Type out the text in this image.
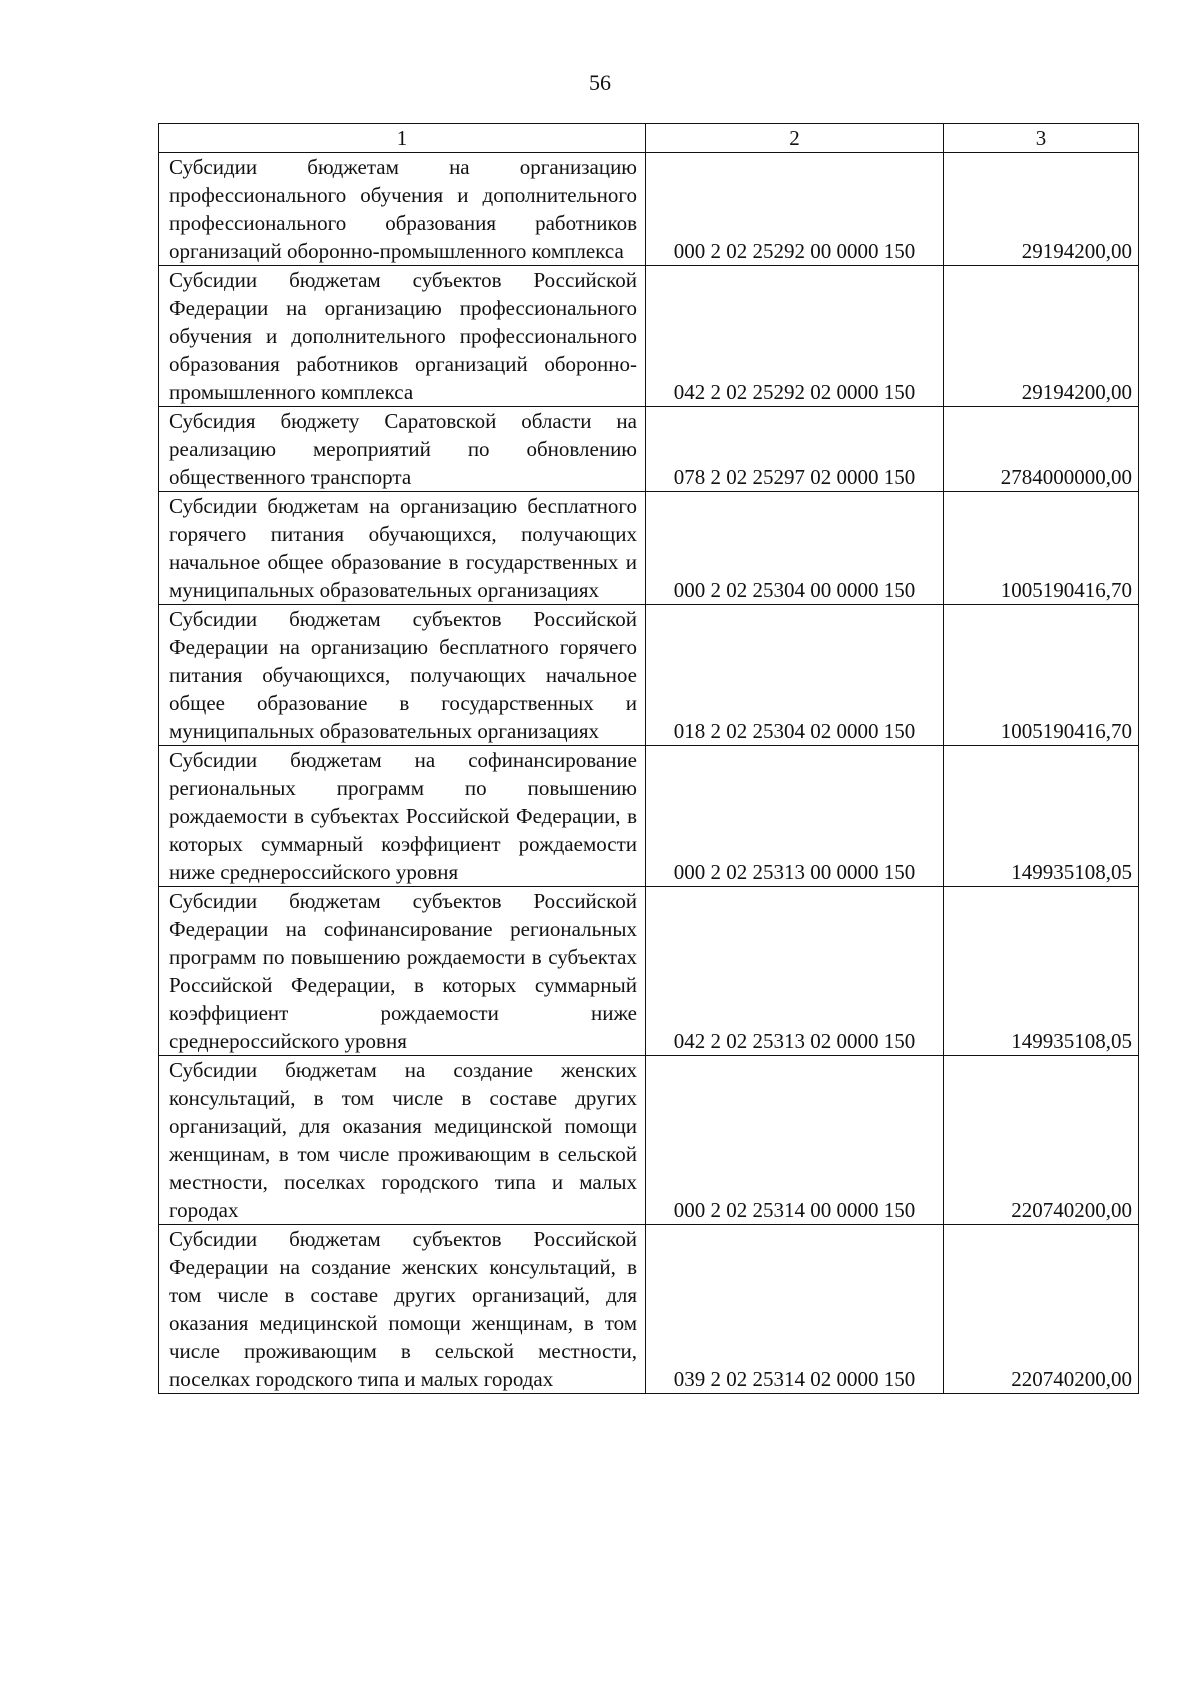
56
1	2	3
Субсидии бюджетам на организацию профессионального обучения и дополнительного профессионального образования работников организаций оборонно-промышленного комплекса	000 2 02 25292 00 0000 150	29194200,00
Субсидии бюджетам субъектов Российской Федерации на организацию профессионального обучения и дополнительного профессионального образования работников организаций оборонно-промышленного комплекса	042 2 02 25292 02 0000 150	29194200,00
Субсидия бюджету Саратовской области на реализацию мероприятий по обновлению общественного транспорта	078 2 02 25297 02 0000 150	2784000000,00
Субсидии бюджетам на организацию бесплатного горячего питания обучающихся, получающих начальное общее образование в государственных и муниципальных образовательных организациях	000 2 02 25304 00 0000 150	1005190416,70
Субсидии бюджетам субъектов Российской Федерации на организацию бесплатного горячего питания обучающихся, получающих начальное общее образование в государственных и муниципальных образовательных организациях	018 2 02 25304 02 0000 150	1005190416,70
Субсидии бюджетам на софинансирование региональных программ по повышению рождаемости в субъектах Российской Федерации, в которых суммарный коэффициент рождаемости ниже среднероссийского уровня	000 2 02 25313 00 0000 150	149935108,05
Субсидии бюджетам субъектов Российской Федерации на софинансирование региональных программ по повышению рождаемости в субъектах Российской Федерации, в которых суммарный коэффициент рождаемости ниже среднероссийского уровня	042 2 02 25313 02 0000 150	149935108,05
Субсидии бюджетам на создание женских консультаций, в том числе в составе других организаций, для оказания медицинской помощи женщинам, в том числе проживающим в сельской местности, поселках городского типа и малых городах	000 2 02 25314 00 0000 150	220740200,00
Субсидии бюджетам субъектов Российской Федерации на создание женских консультаций, в том числе в составе других организаций, для оказания медицинской помощи женщинам, в том числе проживающим в сельской местности, поселках городского типа и малых городах	039 2 02 25314 02 0000 150	220740200,00
